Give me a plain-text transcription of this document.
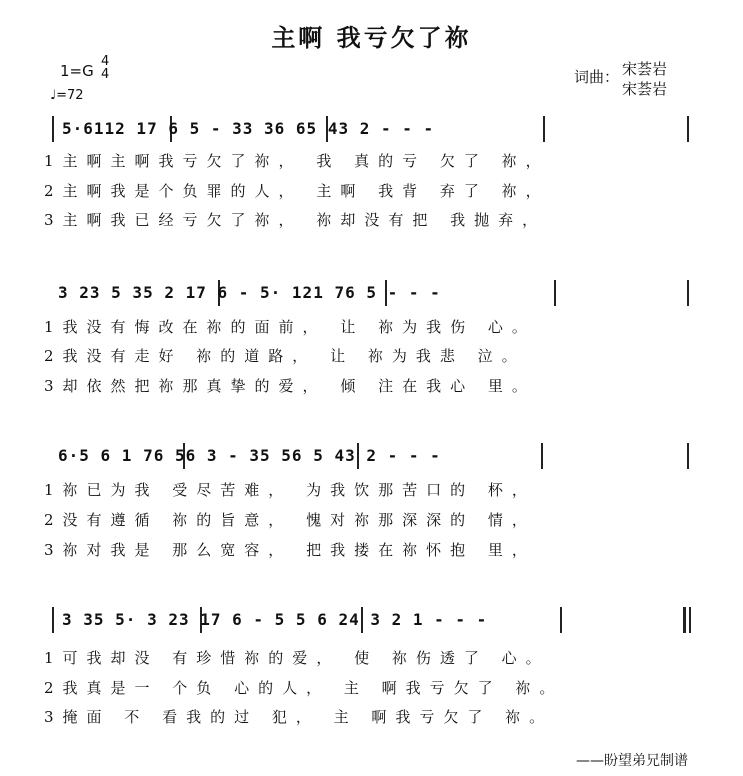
主啊 我亏欠了祢
1=G
4
4
♩=72
词曲： 宋荟岩
宋荟岩
5·6112 17 6 5 - 33 36 65 43 2 - - -
1主啊主啊我亏欠了祢， 我 真的亏 欠了 祢，
2主啊我是个负罪的人， 主啊 我背 弃了 祢，
3主啊我已经亏欠了祢， 祢却没有把 我抛弃，
3 23 5 35 2 17 6 - 5· 121 76 5 - - -
1我没有悔改在祢的面前， 让 祢为我伤 心。
2我没有走好 祢的道路， 让 祢为我悲 泣。
3却依然把祢那真挚的爱， 倾 注在我心 里。
6·5 6 1 76 56 3 - 35 56 5 43 2 - - -
1祢已为我 受尽苦难， 为我饮那苦口的 杯，
2没有遵循 祢的旨意， 愧对祢那深深的 情，
3祢对我是 那么宽容， 把我搂在祢怀抱 里，
3 35 5· 3 23 17 6 - 5 5 6 24 3 2 1 - - -
1可我却没 有珍惜祢的爱， 使 祢伤透了 心。
2我真是一 个负 心的人， 主 啊我亏欠了 祢。
3掩面 不 看我的过 犯， 主 啊我亏欠了 祢。
——盼望弟兄制谱
